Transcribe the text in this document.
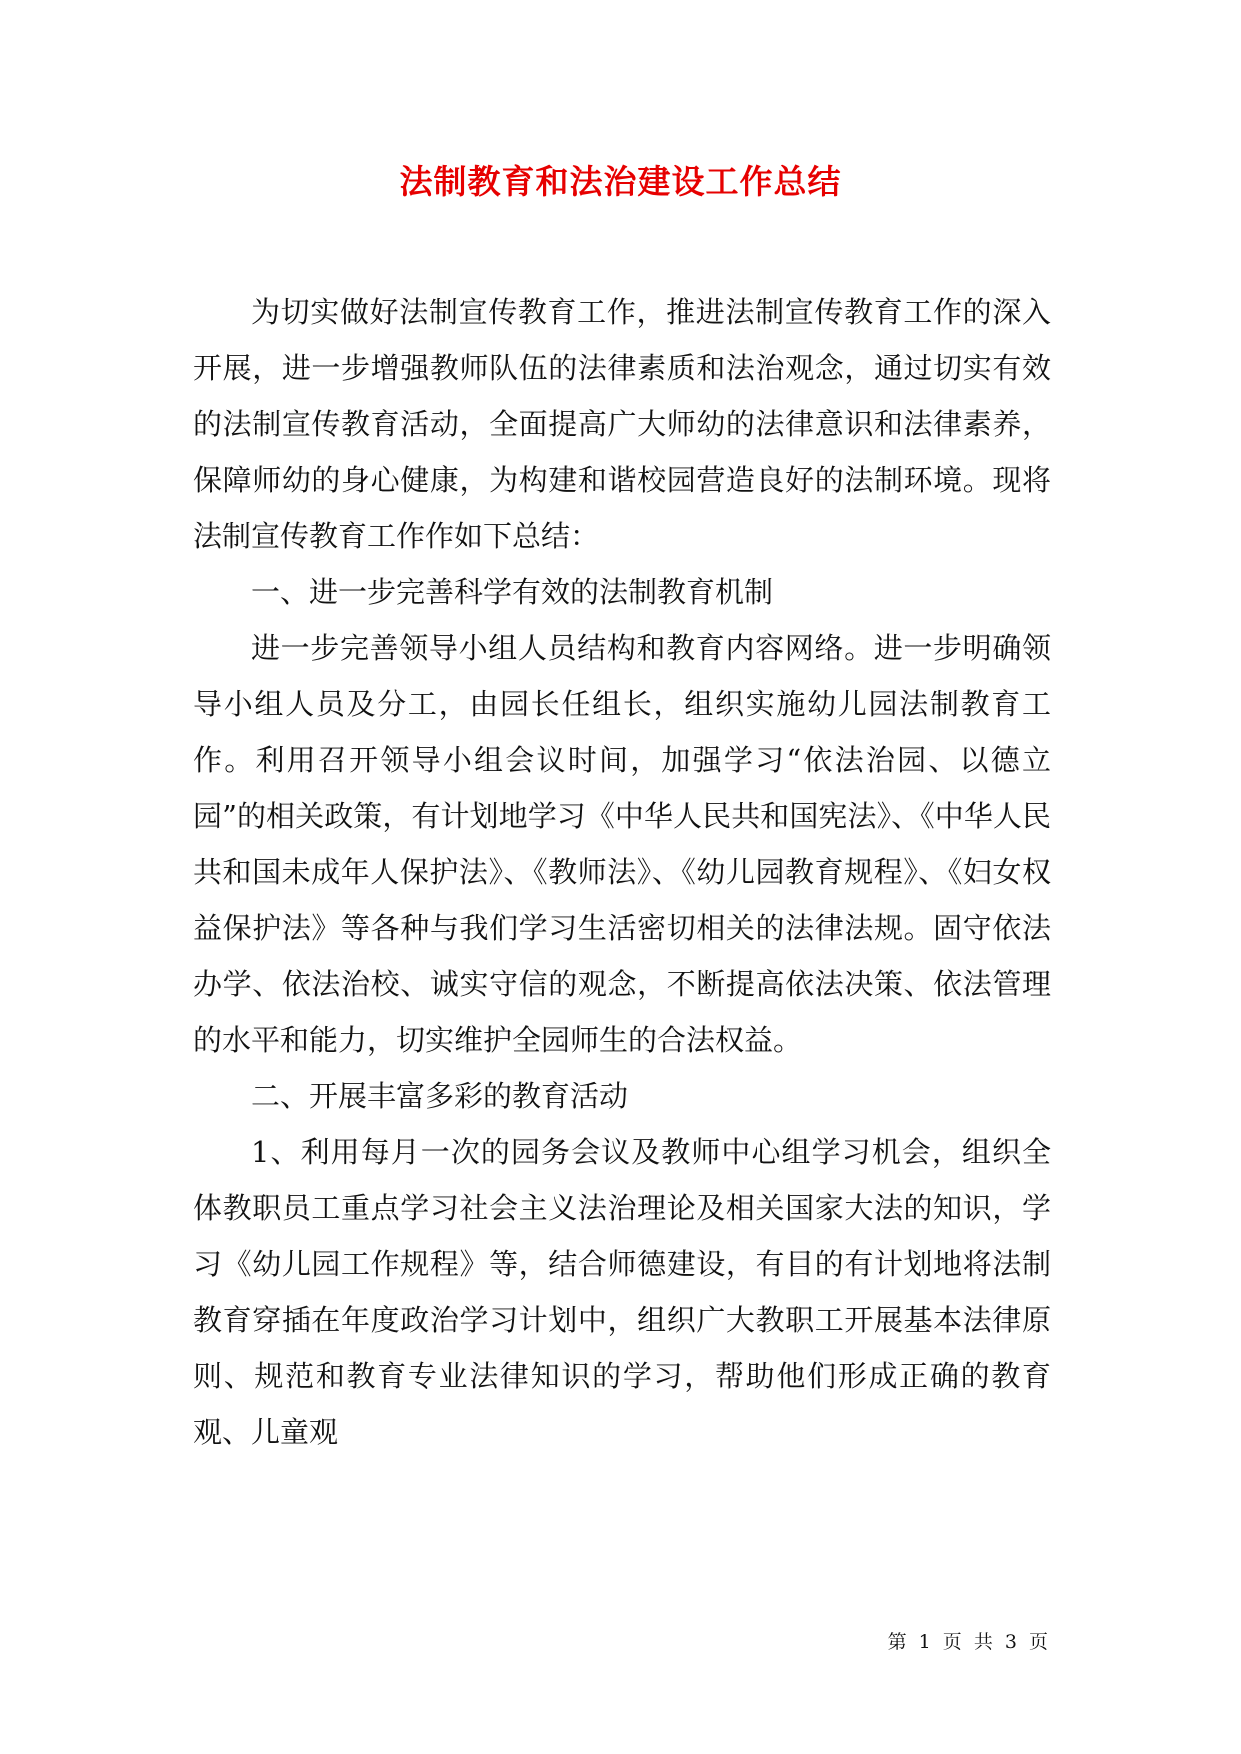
法制教育和法治建设工作总结

为切实做好法制宣传教育工作，推进法制宣传教育工作的深入开展，进一步增强教师队伍的法律素质和法治观念，通过切实有效的法制宣传教育活动，全面提高广大师幼的法律意识和法律素养，保障师幼的身心健康，为构建和谐校园营造良好的法制环境。现将法制宣传教育工作作如下总结：

一、进一步完善科学有效的法制教育机制

进一步完善领导小组人员结构和教育内容网络。进一步明确领导小组人员及分工，由园长任组长，组织实施幼儿园法制教育工作。利用召开领导小组会议时间，加强学习“依法治园、以德立园”的相关政策，有计划地学习《中华人民共和国宪法》、《中华人民共和国未成年人保护法》、《教师法》、《幼儿园教育规程》、《妇女权益保护法》等各种与我们学习生活密切相关的法律法规。固守依法办学、依法治校、诚实守信的观念，不断提高依法决策、依法管理的水平和能力，切实维护全园师生的合法权益。

二、开展丰富多彩的教育活动

1、利用每月一次的园务会议及教师中心组学习机会，组织全体教职员工重点学习社会主义法治理论及相关国家大法的知识，学习《幼儿园工作规程》等，结合师德建设，有目的有计划地将法制教育穿插在年度政治学习计划中，组织广大教职工开展基本法律原则、规范和教育专业法律知识的学习，帮助他们形成正确的教育观、儿童观

第 1 页 共 3 页
